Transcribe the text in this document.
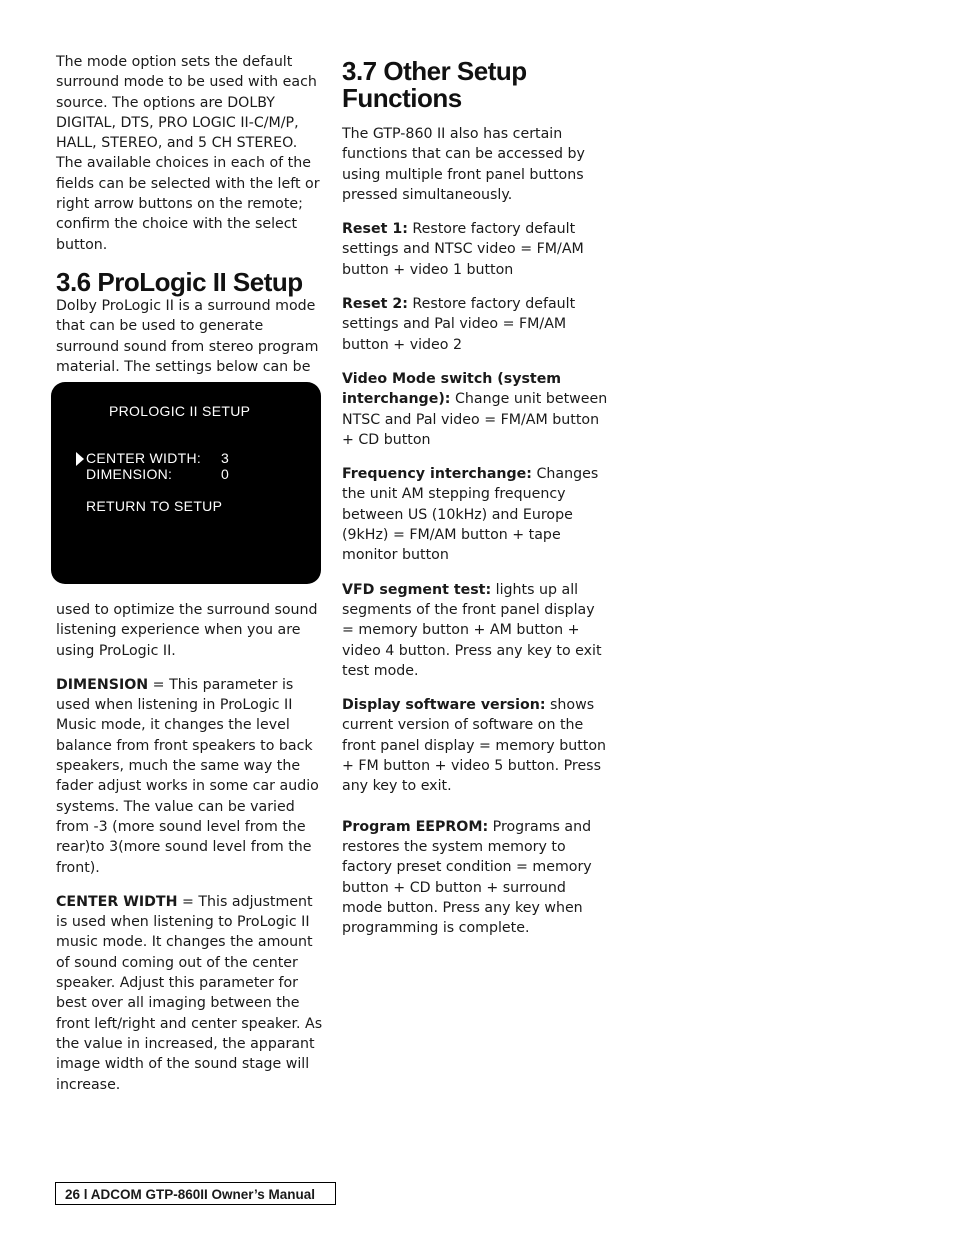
The mode option sets the default surround mode to be used with each source. The options are DOLBY DIGITAL, DTS, PRO LOGIC II-C/M/P, HALL, STEREO, and 5 CH STEREO. The available choices in each of the fields can be selected with the left or right arrow buttons on the remote; confirm the choice with the select button.

3.6 ProLogic II Setup

Dolby ProLogic II is a surround mode that can be used to generate surround sound from stereo program material. The settings below can be

PROLOGIC II SETUP
CENTER WIDTH: 3
DIMENSION:	0
RETURN TO SETUP

used to optimize the surround sound listening experience when you are using ProLogic II.

DIMENSION = This parameter is used when listening in ProLogic II Music mode, it changes the level balance from front speakers to back speakers, much the same way the fader adjust works in some car audio systems. The value can be varied from -3 (more sound level from the rear)to 3(more sound level from the front).

CENTER WIDTH = This adjustment is used when listening to ProLogic II music mode. It changes the amount of sound coming out of the center speaker. Adjust this parameter for best over all imaging between the front left/right and center speaker. As the value in increased, the apparant image width of the sound stage will increase.

3.7 Other Setup Functions

The GTP-860 II also has certain functions that can be accessed by using multiple front panel buttons pressed simultaneously.

Reset 1: Restore factory default settings and NTSC video = FM/AM button + video 1 button

Reset 2: Restore factory default settings and Pal video = FM/AM button + video 2

Video Mode switch (system interchange): Change unit between NTSC and Pal video = FM/AM button + CD button

Frequency interchange: Changes the unit AM stepping frequency between US (10kHz) and Europe (9kHz) = FM/AM button + tape monitor button

VFD segment test: lights up all segments of the front panel display = memory button + AM button + video 4 button. Press any key to exit test mode.

Display software version: shows current version of software on the front panel display = memory button + FM button + video 5 button. Press any key to exit.

Program EEPROM: Programs and restores the system memory to factory preset condition = memory button + CD button + surround mode button. Press any key when programming is complete.

26 l ADCOM GTP-860II Owner’s Manual
